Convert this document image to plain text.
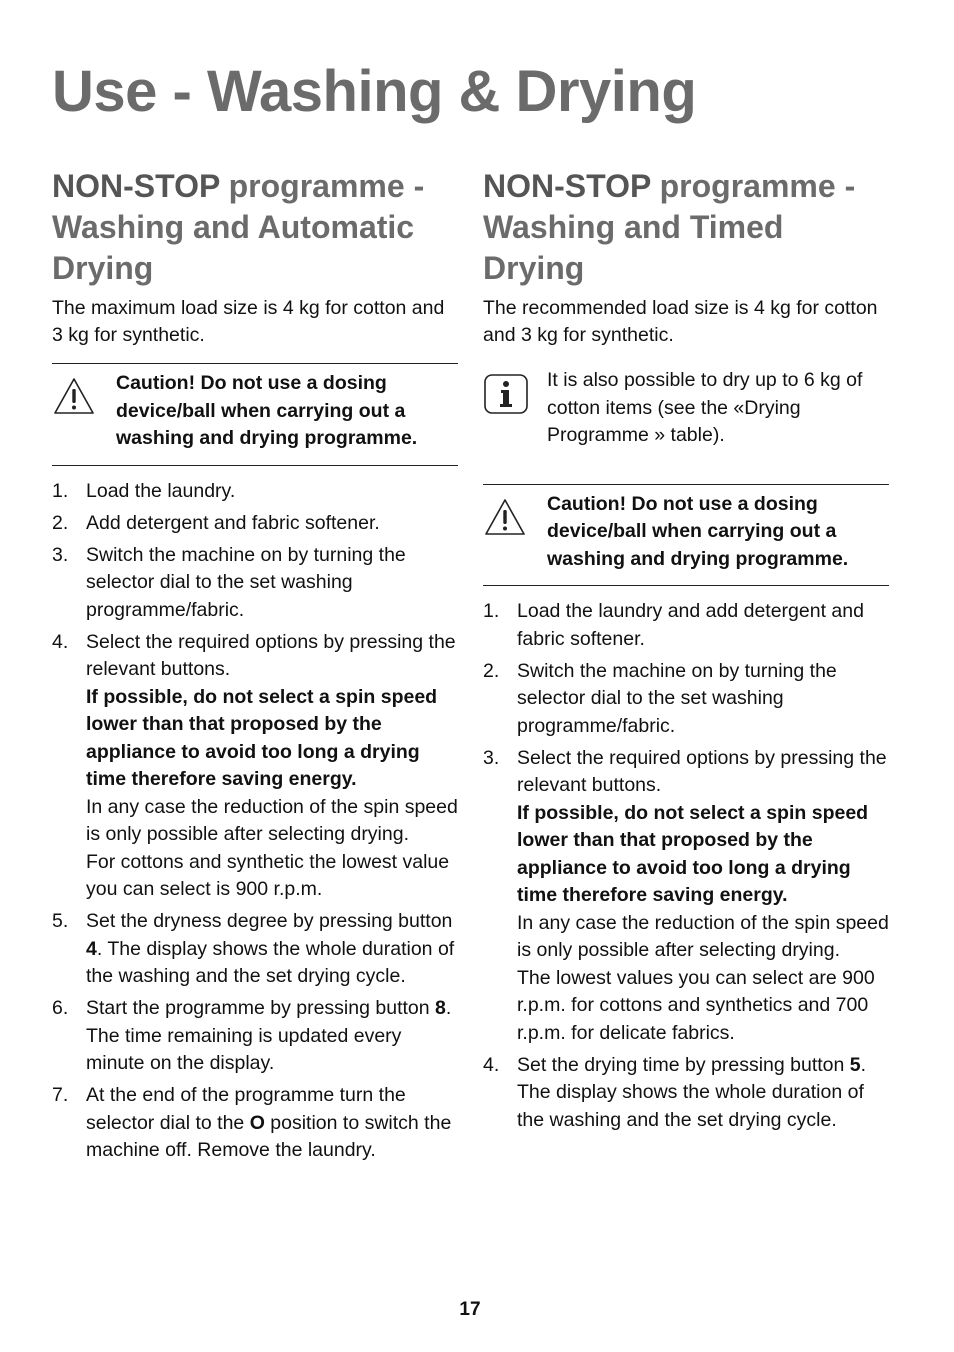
Use - Washing & Drying
NON-STOP programme - Washing and Automatic Drying

The maximum load size is 4 kg for cotton and 3 kg for synthetic.

Caution! Do not use a dosing device/ball when carrying out a washing and drying programme.
1. Load the laundry.
2. Add detergent and fabric softener.
3. Switch the machine on by turning the selector dial to the set washing programme/fabric.
4. Select the required options by pressing the relevant buttons.
If possible, do not select a spin speed lower than that proposed by the appliance to avoid too long a drying time therefore saving energy.
In any case the reduction of the spin speed is only possible after selecting drying.
For cottons and synthetic the lowest value you can select is 900 r.p.m.
5. Set the dryness degree by pressing button 4. The display shows the whole duration of the washing and the set drying cycle.
6. Start the programme by pressing button 8. The time remaining is updated every minute on the display.
7. At the end of the programme turn the selector dial to the O position to switch the machine off. Remove the laundry.
NON-STOP programme - Washing and Timed Drying

The recommended load size is 4 kg for cotton and 3 kg for synthetic.

It is also possible to dry up to 6 kg of cotton items (see the «Drying Programme » table).
Caution! Do not use a dosing device/ball when carrying out a washing and drying programme.
1. Load the laundry and add detergent and fabric softener.
2. Switch the machine on by turning the selector dial to the set washing programme/fabric.
3. Select the required options by pressing the relevant buttons.
If possible, do not select a spin speed lower than that proposed by the appliance to avoid too long a drying time therefore saving energy.
In any case the reduction of the spin speed is only possible after selecting drying.
The lowest values you can select are 900 r.p.m. for cottons and synthetics and 700 r.p.m. for delicate fabrics.
4. Set the drying time by pressing button 5. The display shows the whole duration of the washing and the set drying cycle.
17
